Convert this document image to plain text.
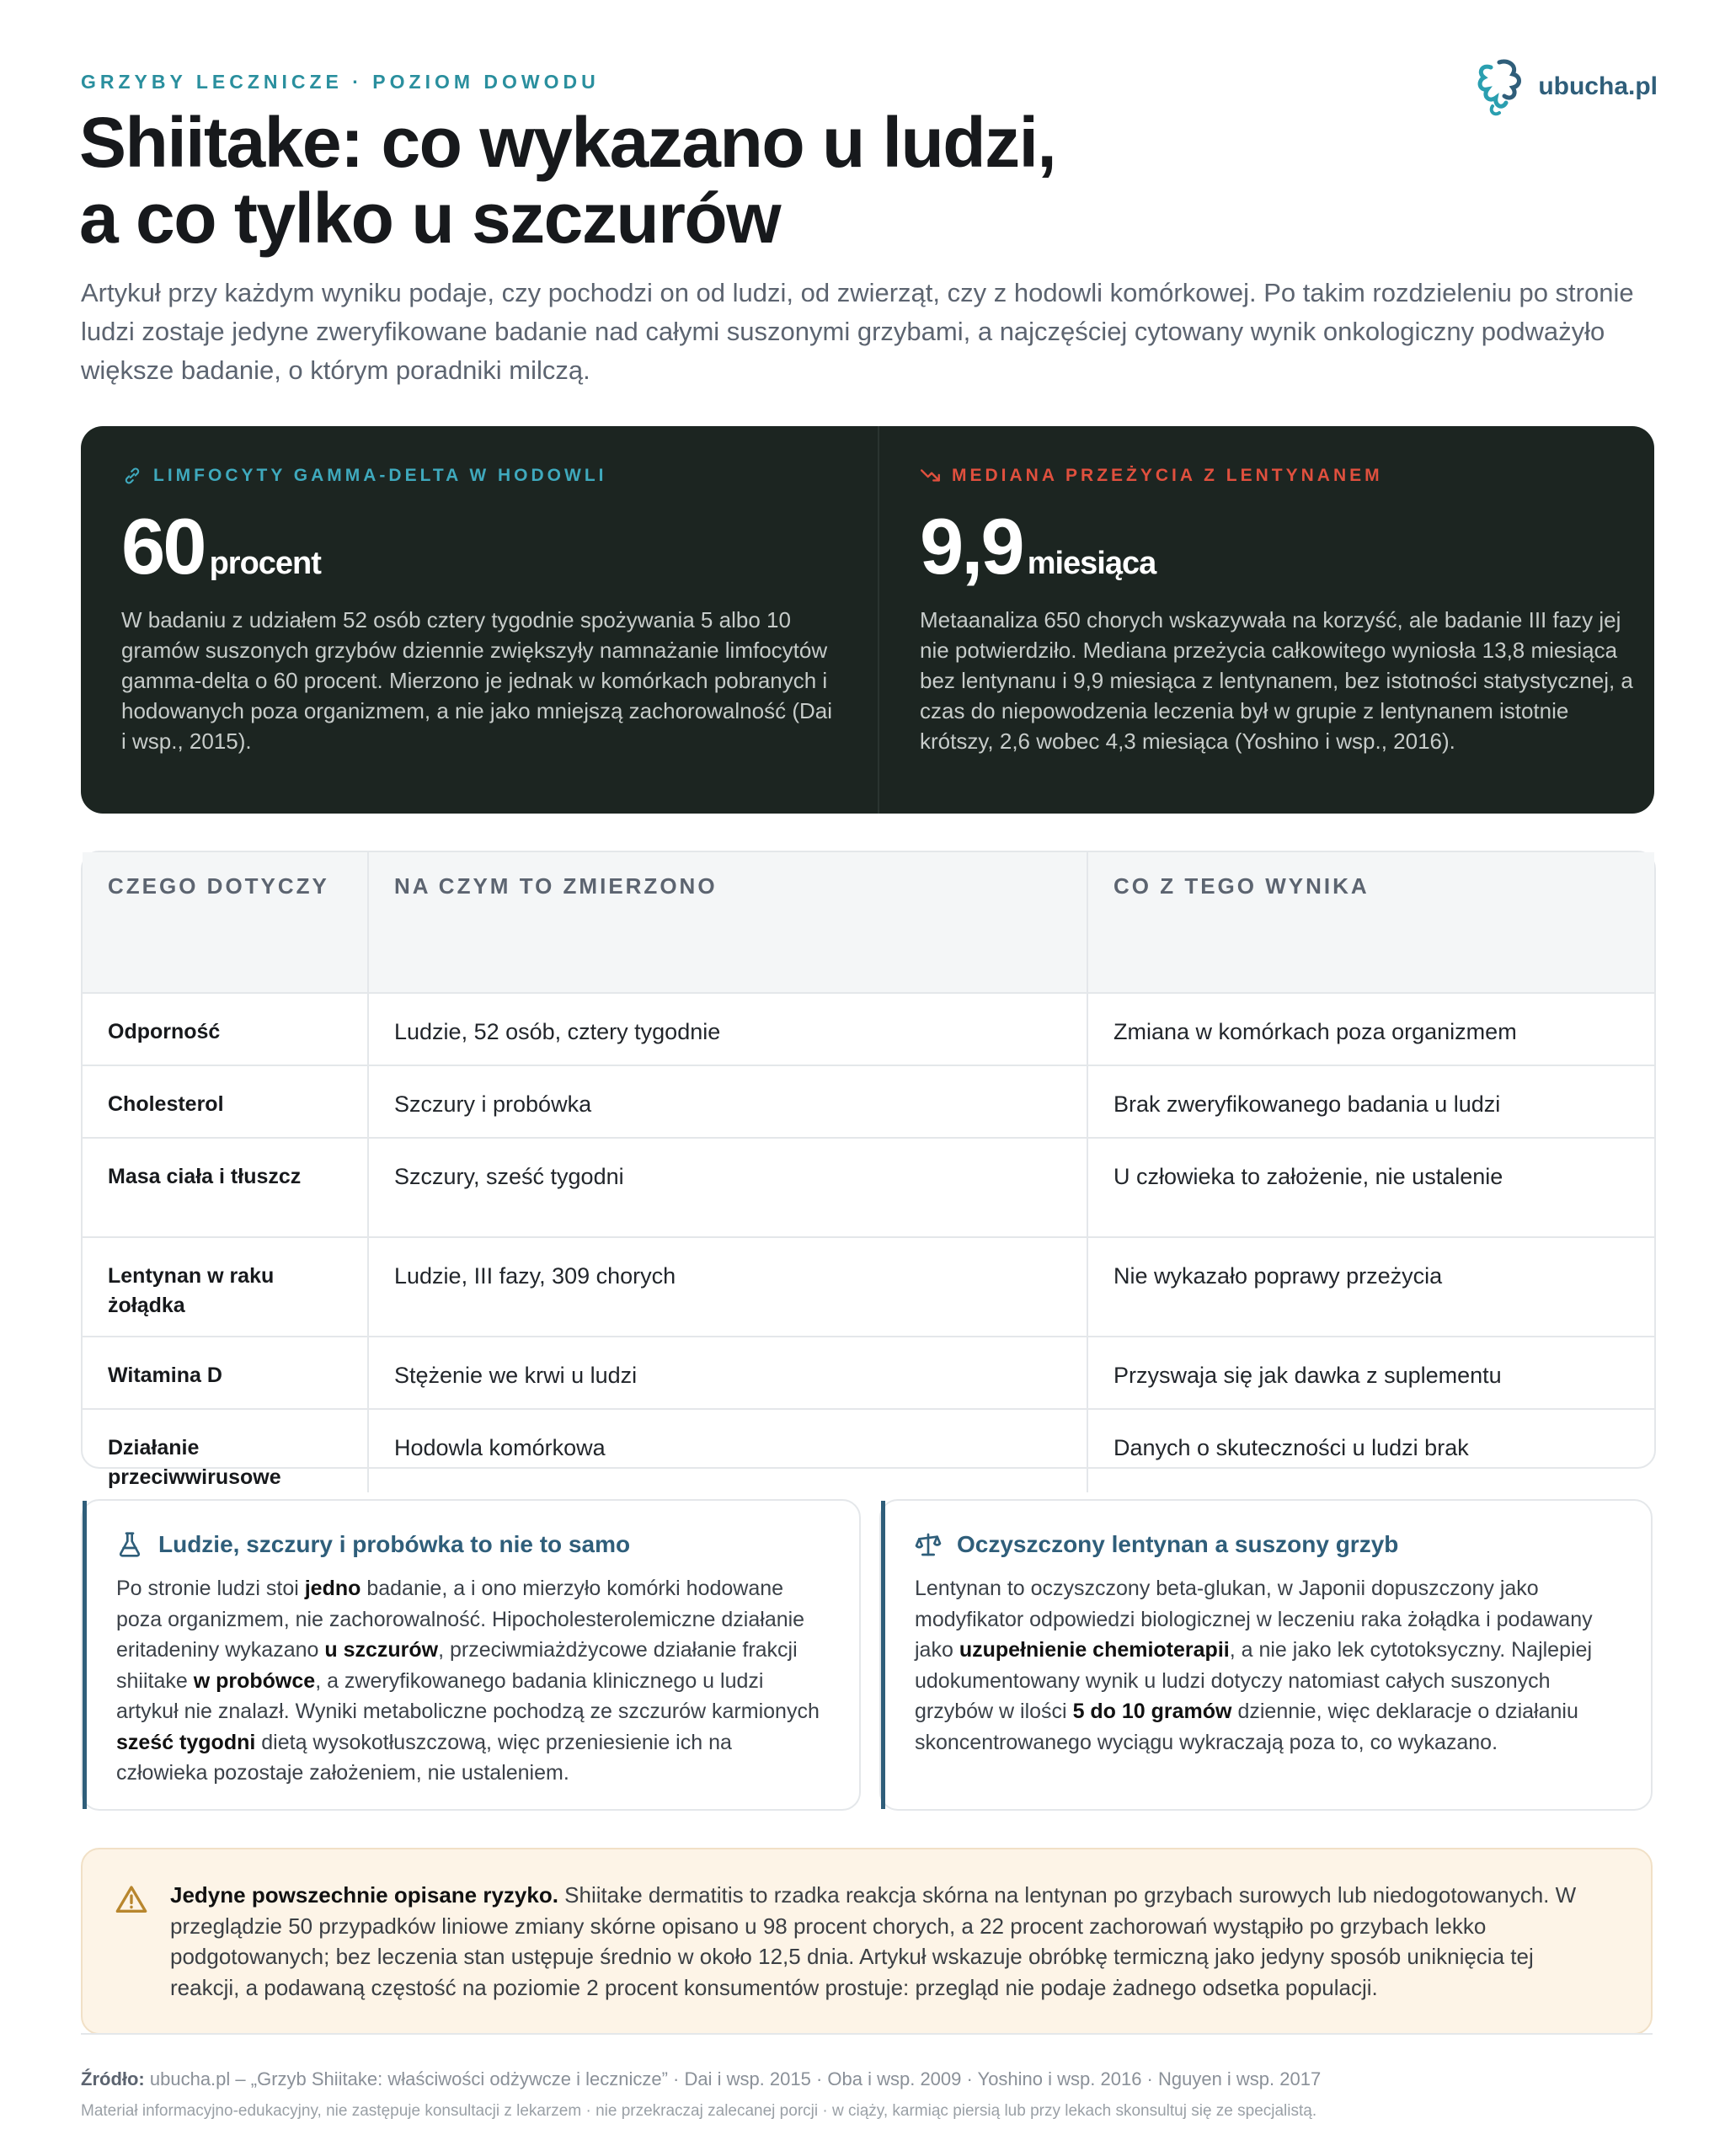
GRZYBY LECZNICZE · POZIOM DOWODU	ubucha.pl
Shiitake: co wykazano u ludzi,
a co tylko u szczurów
Artykuł przy każdym wyniku podaje, czy pochodzi on od ludzi, od zwierząt, czy z hodowli komórkowej. Po takim rozdzieleniu po stronie ludzi zostaje jedyne zweryfikowane badanie nad całymi suszonymi grzybami, a najczęściej cytowany wynik onkologiczny podważyło większe badanie, o którym poradniki milczą.
LIMFOCYTY GAMMA-DELTA W HODOWLI
60 procent
W badaniu z udziałem 52 osób cztery tygodnie spożywania 5 albo 10 gramów suszonych grzybów dziennie zwiększyły namnażanie limfocytów gamma-delta o 60 procent. Mierzono je jednak w komórkach pobranych i hodowanych poza organizmem, a nie jako mniejszą zachorowalność (Dai i wsp., 2015).
MEDIANA PRZEŻYCIA Z LENTYNANEM
9,9 miesiąca
Metaanaliza 650 chorych wskazywała na korzyść, ale badanie III fazy jej nie potwierdziło. Mediana przeżycia całkowitego wyniosła 13,8 miesiąca bez lentynanu i 9,9 miesiąca z lentynanem, bez istotności statystycznej, a czas do niepowodzenia leczenia był w grupie z lentynanem istotnie krótszy, 2,6 wobec 4,3 miesiąca (Yoshino i wsp., 2016).
CZEGO DOTYCZY	NA CZYM TO ZMIERZONO	CO Z TEGO WYNIKA
Odporność	Ludzie, 52 osób, cztery tygodnie	Zmiana w komórkach poza organizmem
Cholesterol	Szczury i probówka	Brak zweryfikowanego badania u ludzi
Masa ciała i tłuszcz	Szczury, sześć tygodni	U człowieka to założenie, nie ustalenie
Lentynan w raku żołądka	Ludzie, III fazy, 309 chorych	Nie wykazało poprawy przeżycia
Witamina D	Stężenie we krwi u ludzi	Przyswaja się jak dawka z suplementu
Działanie przeciwwirusowe	Hodowla komórkowa	Danych o skuteczności u ludzi brak
Ludzie, szczury i probówka to nie to samo
Po stronie ludzi stoi jedno badanie, a i ono mierzyło komórki hodowane poza organizmem, nie zachorowalność. Hipocholesterolemiczne działanie eritadeniny wykazano u szczurów, przeciwmiażdżycowe działanie frakcji shiitake w probówce, a zweryfikowanego badania klinicznego u ludzi artykuł nie znalazł. Wyniki metaboliczne pochodzą ze szczurów karmionych sześć tygodni dietą wysokotłuszczową, więc przeniesienie ich na człowieka pozostaje założeniem, nie ustaleniem.
Oczyszczony lentynan a suszony grzyb
Lentynan to oczyszczony beta-glukan, w Japonii dopuszczony jako modyfikator odpowiedzi biologicznej w leczeniu raka żołądka i podawany jako uzupełnienie chemioterapii, a nie jako lek cytotoksyczny. Najlepiej udokumentowany wynik u ludzi dotyczy natomiast całych suszonych grzybów w ilości 5 do 10 gramów dziennie, więc deklaracje o działaniu skoncentrowanego wyciągu wykraczają poza to, co wykazano.
Jedyne powszechnie opisane ryzyko. Shiitake dermatitis to rzadka reakcja skórna na lentynan po grzybach surowych lub niedogotowanych. W przeglądzie 50 przypadków liniowe zmiany skórne opisano u 98 procent chorych, a 22 procent zachorowań wystąpiło po grzybach lekko podgotowanych; bez leczenia stan ustępuje średnio w około 12,5 dnia. Artykuł wskazuje obróbkę termiczną jako jedyny sposób uniknięcia tej reakcji, a podawaną częstość na poziomie 2 procent konsumentów prostuje: przegląd nie podaje żadnego odsetka populacji.
Źródło: ubucha.pl – „Grzyb Shiitake: właściwości odżywcze i lecznicze” · Dai i wsp. 2015 · Oba i wsp. 2009 · Yoshino i wsp. 2016 · Nguyen i wsp. 2017
Materiał informacyjno-edukacyjny, nie zastępuje konsultacji z lekarzem · nie przekraczaj zalecanej porcji · w ciąży, karmiąc piersią lub przy lekach skonsultuj się ze specjalistą.
